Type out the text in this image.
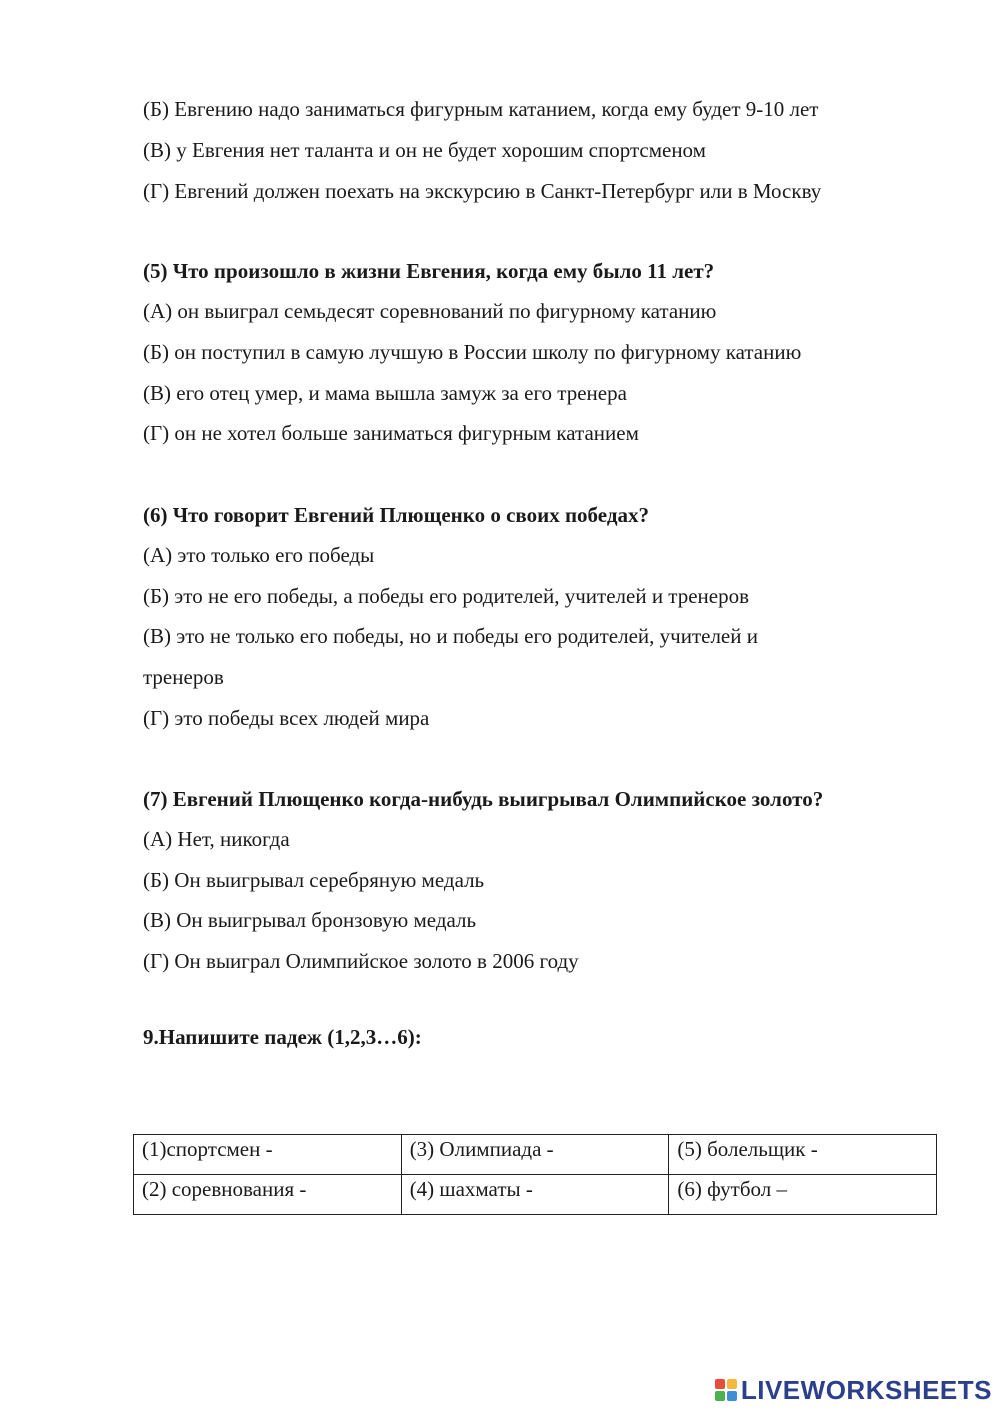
(Б) Евгению надо заниматься фигурным катанием, когда ему будет 9-10 лет

(В) у Евгения нет таланта и он не будет хорошим спортсменом

(Г) Евгений должен поехать на экскурсию в Санкт-Петербург или в Москву

(5) Что произошло в жизни Евгения, когда ему было 11 лет?

(А) он выиграл семьдесят соревнований по фигурному катанию

(Б) он поступил в самую лучшую в России школу по фигурному катанию

(В) его отец умер, и мама вышла замуж за его тренера

(Г) он не хотел больше заниматься фигурным катанием

(6) Что говорит Евгений Плющенко о своих победах?

(А) это только его победы

(Б) это не его победы, а победы его родителей, учителей и тренеров

(В) это не только его победы, но и победы его родителей, учителей и

тренеров

(Г) это победы всех людей мира

(7) Евгений Плющенко когда-нибудь выигрывал Олимпийское золото?

(А) Нет, никогда

(Б) Он выигрывал серебряную медаль

(В) Он выигрывал бронзовую медаль

(Г) Он выиграл Олимпийское золото в 2006 году

9.Напишите падеж (1,2,3…6):

(1)спортсмен -	(3) Олимпиада -	(5) болельщик -
(2) соревнования -	(4) шахматы -	(6) футбол –
LIVEWORKSHEETS
